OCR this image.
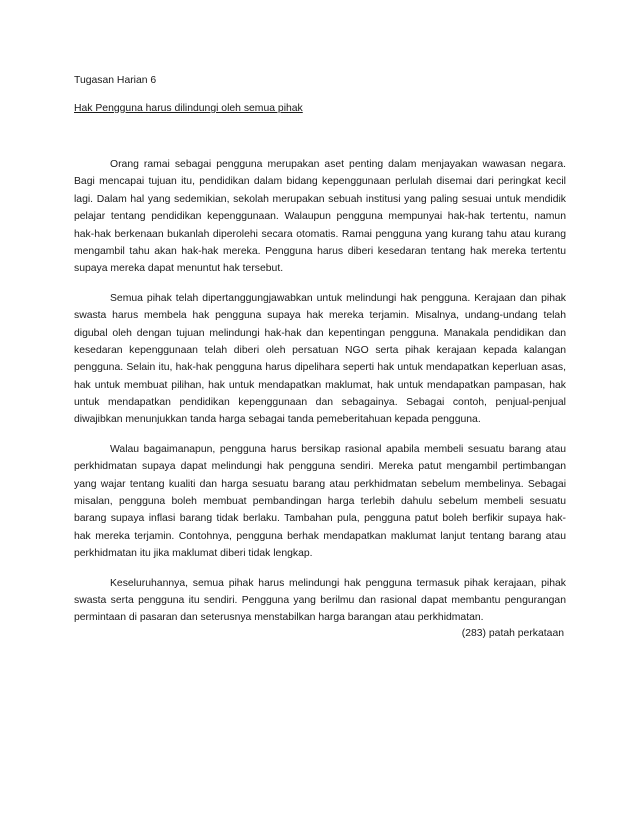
Tugasan Harian 6

Hak Pengguna harus dilindungi oleh semua pihak

Orang ramai sebagai pengguna merupakan aset penting dalam menjayakan wawasan negara.
Bagi mencapai tujuan itu, pendidikan dalam bidang kepenggunaan perlulah disemai dari peringkat kecil
lagi. Dalam hal yang sedemikian, sekolah merupakan sebuah institusi yang paling sesuai untuk mendidik
pelajar tentang pendidikan kepenggunaan. Walaupun pengguna mempunyai hak-hak tertentu, namun
hak-hak berkenaan bukanlah diperolehi secara otomatis. Ramai pengguna yang kurang tahu atau kurang
mengambil tahu akan hak-hak mereka. Pengguna harus diberi kesedaran tentang hak mereka tertentu
supaya mereka dapat menuntut hak tersebut.
Semua pihak telah dipertanggungjawabkan untuk melindungi hak pengguna. Kerajaan dan pihak
swasta harus membela hak pengguna supaya hak mereka terjamin. Misalnya, undang-undang telah
digubal oleh dengan tujuan melindungi hak-hak dan kepentingan pengguna. Manakala pendidikan dan
kesedaran kepenggunaan telah diberi oleh persatuan NGO serta pihak kerajaan kepada kalangan
pengguna. Selain itu, hak-hak pengguna harus dipelihara seperti hak untuk mendapatkan keperluan asas,
hak untuk membuat pilihan, hak untuk mendapatkan maklumat, hak untuk mendapatkan pampasan, hak
untuk mendapatkan pendidikan kepenggunaan dan sebagainya. Sebagai contoh, penjual-penjual
diwajibkan menunjukkan tanda harga sebagai tanda pemeberitahuan kepada pengguna.
Walau bagaimanapun, pengguna harus bersikap rasional apabila membeli sesuatu barang atau
perkhidmatan supaya dapat melindungi hak pengguna sendiri. Mereka patut mengambil pertimbangan
yang wajar tentang kualiti dan harga sesuatu barang atau perkhidmatan sebelum membelinya. Sebagai
misalan, pengguna boleh membuat pembandingan harga terlebih dahulu sebelum membeli sesuatu
barang supaya inflasi barang tidak berlaku. Tambahan pula, pengguna patut boleh berfikir supaya hak-
hak mereka terjamin. Contohnya, pengguna berhak mendapatkan maklumat lanjut tentang barang atau
perkhidmatan itu jika maklumat diberi tidak lengkap.
Keseluruhannya, semua pihak harus melindungi hak pengguna termasuk pihak kerajaan, pihak
swasta serta pengguna itu sendiri. Pengguna yang berilmu dan rasional dapat membantu pengurangan
permintaan di pasaran dan seterusnya menstabilkan harga barangan atau perkhidmatan.
(283) patah perkataan
